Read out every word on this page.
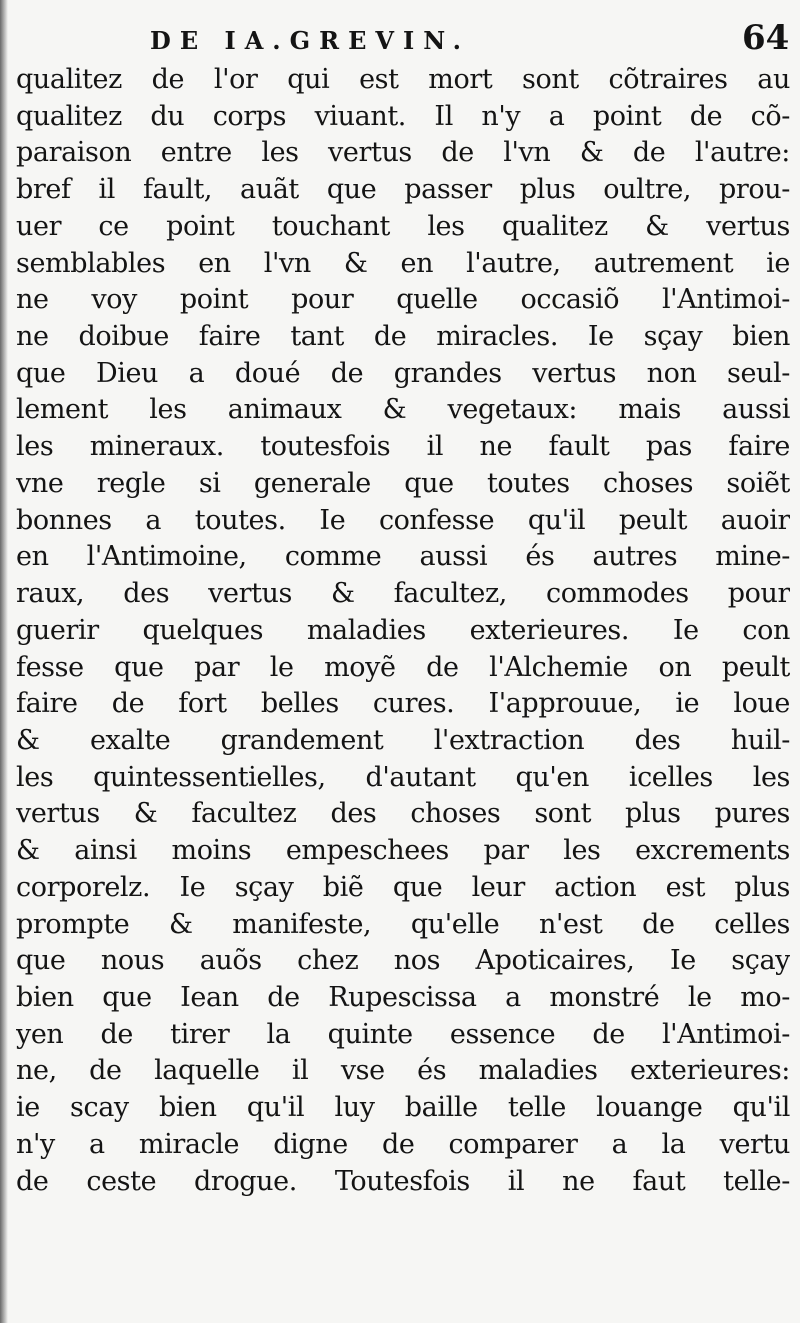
DE IA.GREVIN.	64
qualitez de l'or qui est mort sont cõtraires au
qualitez du corps viuant. Il n'y a point de cõ-
paraison entre les vertus de l'vn & de l'autre:
bref il fault, auãt que passer plus oultre, prou-
uer ce point touchant les qualitez & vertus
semblables en l'vn & en l'autre, autrement ie
ne voy point pour quelle occasiõ l'Antimoi-
ne doibue faire tant de miracles. Ie sçay bien
que Dieu a doué de grandes vertus non seul-
lement les animaux & vegetaux: mais aussi
les mineraux. toutesfois il ne fault pas faire
vne regle si generale que toutes choses soiẽt
bonnes a toutes. Ie confesse qu'il peult auoir
en l'Antimoine, comme aussi és autres mine-
raux, des vertus & facultez, commodes pour
guerir quelques maladies exterieures. Ie con
fesse que par le moyẽ de l'Alchemie on peult
faire de fort belles cures. I'approuue, ie loue
& exalte grandement l'extraction des huil-
les quintessentielles, d'autant qu'en icelles les
vertus & facultez des choses sont plus pures
& ainsi moins empeschees par les excrements
corporelz. Ie sçay biẽ que leur action est plus
prompte & manifeste, qu'elle n'est de celles
que nous auõs chez nos Apoticaires, Ie sçay
bien que Iean de Rupescissa a monstré le mo-
yen de tirer la quinte essence de l'Antimoi-
ne, de laquelle il vse és maladies exterieures:
ie scay bien qu'il luy baille telle louange qu'il
n'y a miracle digne de comparer a la vertu
de ceste drogue. Toutesfois il ne faut telle-
